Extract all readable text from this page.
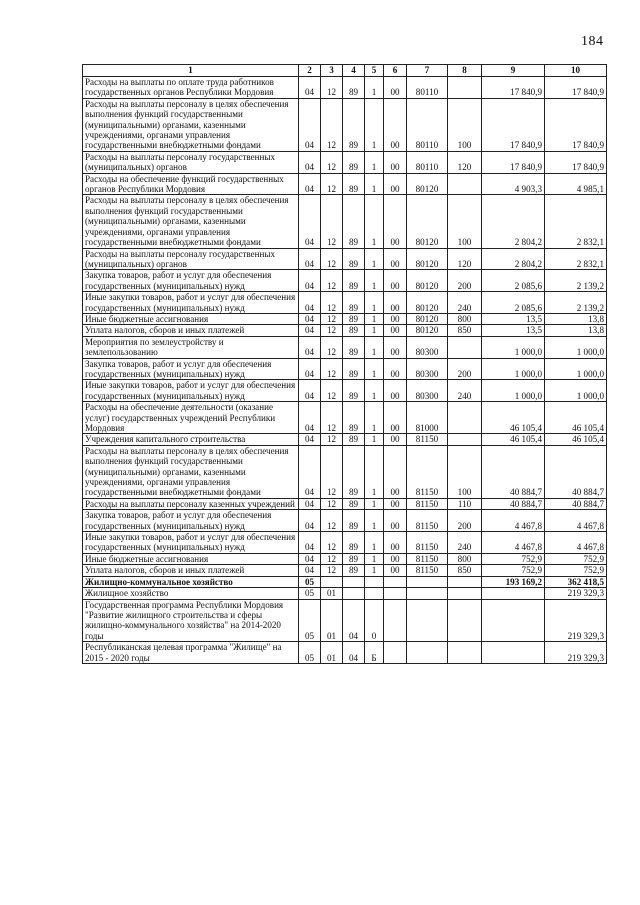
184
1	2	3	4	5	6	7	8	9	10
Расходы на выплаты по оплате труда работников государственных органов Республики Мордовия	04	12	89	1	00	80110		17 840,9	17 840,9
Расходы на выплаты персоналу в целях обеспечения выполнения функций государственными (муниципальными) органами, казенными учреждениями, органами управления государственными внебюджетными фондами	04	12	89	1	00	80110	100	17 840,9	17 840,9
Расходы на выплаты персоналу государственных (муниципальных) органов	04	12	89	1	00	80110	120	17 840,9	17 840,9
Расходы на обеспечение функций государственных органов Республики Мордовия	04	12	89	1	00	80120		4 903,3	4 985,1
Расходы на выплаты персоналу в целях обеспечения выполнения функций государственными (муниципальными) органами, казенными учреждениями, органами управления государственными внебюджетными фондами	04	12	89	1	00	80120	100	2 804,2	2 832,1
Расходы на выплаты персоналу государственных (муниципальных) органов	04	12	89	1	00	80120	120	2 804,2	2 832,1
Закупка товаров, работ и услуг для обеспечения государственных (муниципальных) нужд	04	12	89	1	00	80120	200	2 085,6	2 139,2
Иные закупки товаров, работ и услуг для обеспечения государственных (муниципальных) нужд	04	12	89	1	00	80120	240	2 085,6	2 139,2
Иные бюджетные ассигнования	04	12	89	1	00	80120	800	13,5	13,8
Уплата налогов, сборов и иных платежей	04	12	89	1	00	80120	850	13,5	13,8
Мероприятия по землеустройству и землепользованию	04	12	89	1	00	80300		1 000,0	1 000,0
Закупка товаров, работ и услуг для обеспечения государственных (муниципальных) нужд	04	12	89	1	00	80300	200	1 000,0	1 000,0
Иные закупки товаров, работ и услуг для обеспечения государственных (муниципальных) нужд	04	12	89	1	00	80300	240	1 000,0	1 000,0
Расходы на обеспечение деятельности (оказание услуг) государственных учреждений Республики Мордовия	04	12	89	1	00	81000		46 105,4	46 105,4
Учреждения капитального строительства	04	12	89	1	00	81150		46 105,4	46 105,4
Расходы на выплаты персоналу в целях обеспечения выполнения функций государственными (муниципальными) органами, казенными учреждениями, органами управления государственными внебюджетными фондами	04	12	89	1	00	81150	100	40 884,7	40 884,7
Расходы на выплаты персоналу казенных учреждений	04	12	89	1	00	81150	110	40 884,7	40 884,7
Закупка товаров, работ и услуг для обеспечения государственных (муниципальных) нужд	04	12	89	1	00	81150	200	4 467,8	4 467,8
Иные закупки товаров, работ и услуг для обеспечения государственных (муниципальных) нужд	04	12	89	1	00	81150	240	4 467,8	4 467,8
Иные бюджетные ассигнования	04	12	89	1	00	81150	800	752,9	752,9
Уплата налогов, сборов и иных платежей	04	12	89	1	00	81150	850	752,9	752,9
Жилищно-коммунальное хозяйство	05							193 169,2	362 418,5
Жилищное хозяйство	05	01							219 329,3
Государственная программа Республики Мордовия "Развитие жилищного строительства и сферы жилищно-коммунального хозяйства" на 2014-2020 годы	05	01	04	0					219 329,3
Республиканская целевая программа "Жилище" на 2015 - 2020 годы	05	01	04	Б					219 329,3
